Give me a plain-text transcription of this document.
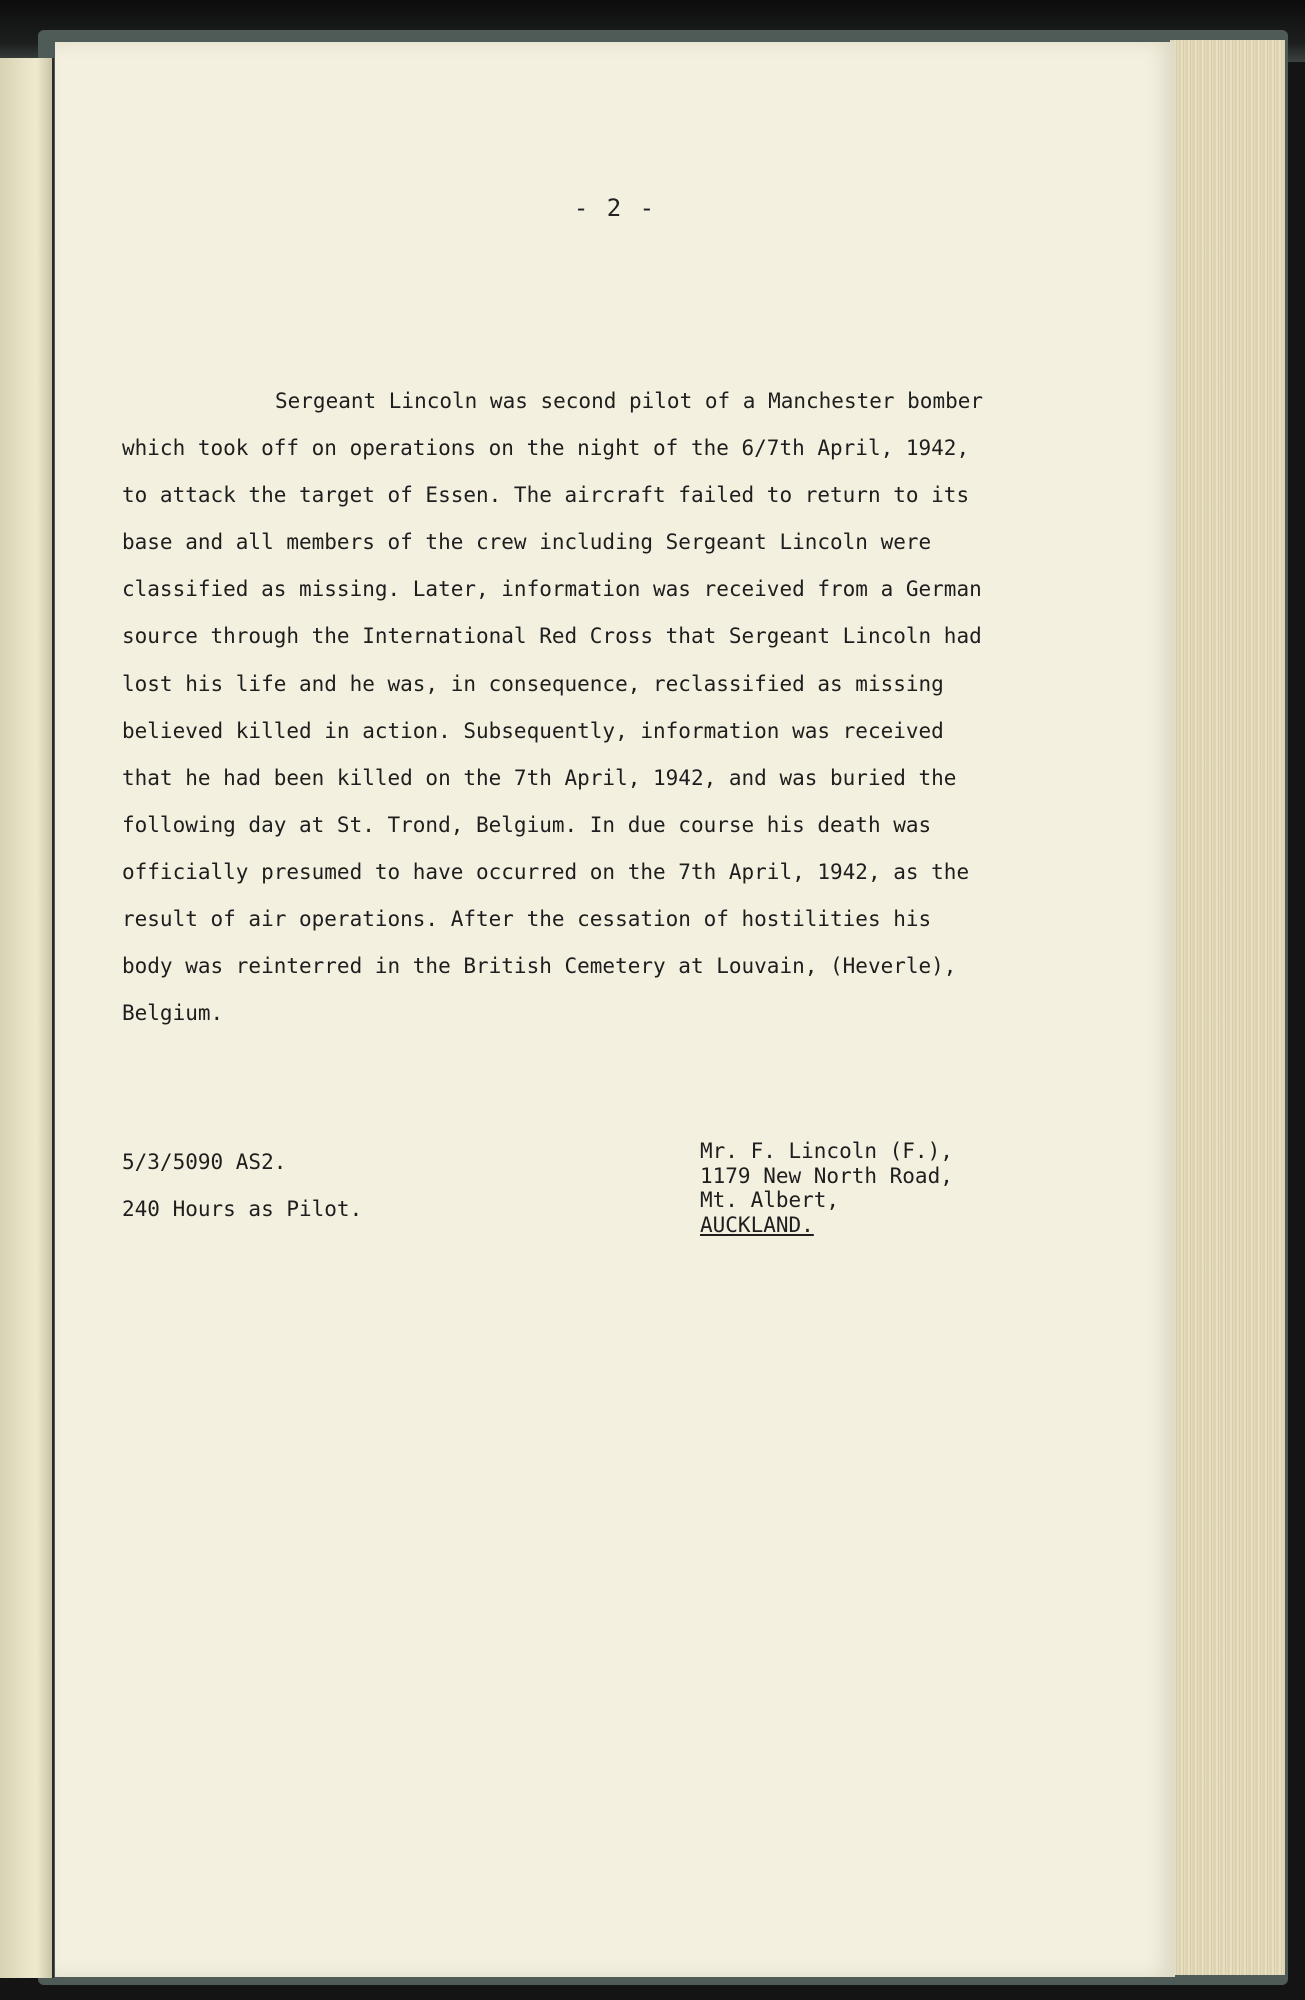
- 2 -
Sergeant Lincoln was second pilot of a Manchester bomber
which took off on operations on the night of the 6/7th April, 1942,
to attack the target of Essen. The aircraft failed to return to its
base and all members of the crew including Sergeant Lincoln were
classified as missing. Later, information was received from a German
source through the International Red Cross that Sergeant Lincoln had
lost his life and he was, in consequence, reclassified as missing
believed killed in action. Subsequently, information was received
that he had been killed on the 7th April, 1942, and was buried the
following day at St. Trond, Belgium. In due course his death was
officially presumed to have occurred on the 7th April, 1942, as the
result of air operations. After the cessation of hostilities his
body was reinterred in the British Cemetery at Louvain, (Heverle),
Belgium.
5/3/5090 AS2.
240 Hours as Pilot.
Mr. F. Lincoln (F.),
1179 New North Road,
Mt. Albert,
AUCKLAND.
